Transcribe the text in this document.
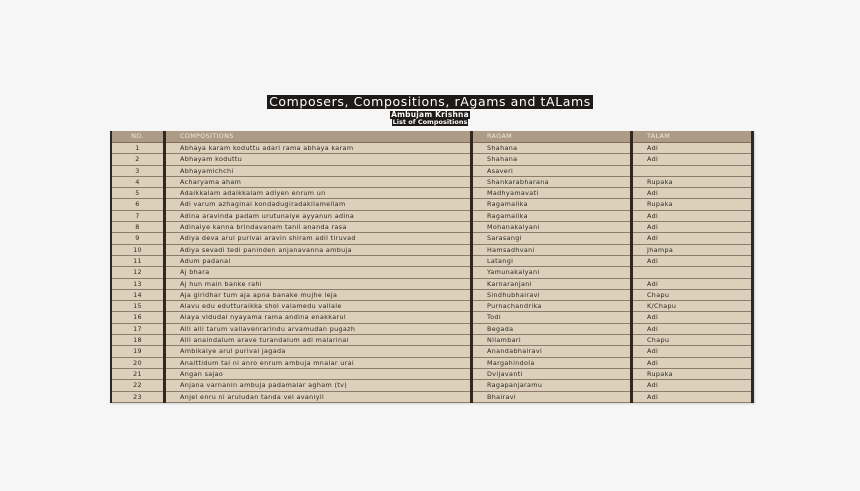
Composers, Compositions, rAgams and tALams
Ambujam Krishna
List of Compositions
NO.	COMPOSITIONS	RAGAM	TALAM
1	Abhaya karam koduttu adari rama abhaya karam	Shahana	Adi
2	Abhayam koduttu	Shahana	Adi
3	Abhayamichchi	Asaveri	
4	Acharyama aham	Shankarabharana	Rupaka
5	Adaikkalam adaikkalam adiyen enrum un	Madhyamavati	Adi
6	Adi varum azhaginai kondadugiradakilamellam	Ragamalika	Rupaka
7	Adina aravinda padam urutunaiye ayyanun adina	Ragamalika	Adi
8	Adinaiye kanna brindavanam tanil ananda rasa	Mohanakalyani	Adi
9	Adiya deva arul purivai aravin shiram adil tiruvad	Sarasangi	Adi
10	Adiya sevadi tedi paninden anjanavanna ambuja	Hamsadhvani	Jhampa
11	Adum padanai	Latangi	Adi
12	Aj bhara	Yamunakalyani	
13	Aj hun main banke rahi	Karnaranjani	Adi
14	Aja giridhar tum aja apna banake mujhe leja	Sindhubhairavi	Chapu
15	Alavu edu edutturaikka shol valamedu vallale	Purnachandrika	K/Chapu
16	Alaya vidudal nyayama rama andina enakkarul	Todi	Adi
17	Alli alli tarum vallavenrarindu arvamudan pugazh	Begada	Adi
18	Alli anaindalum arave turandalum adi malarinai	Nilambari	Chapu
19	Ambikaiye arul purivai jagada	Anandabhairavi	Adi
20	Anaittidum tai ni anro enrum ambuja mnalar urai	Margahindola	Adi
21	Angan sajao	Dvijavanti	Rupaka
22	Anjana varnanin ambuja padamalar agham (tv)	Ragapanjaramu	Adi
23	Anjel enru ni aruludan tanda vel avaniyil	Bhairavi	Adi
